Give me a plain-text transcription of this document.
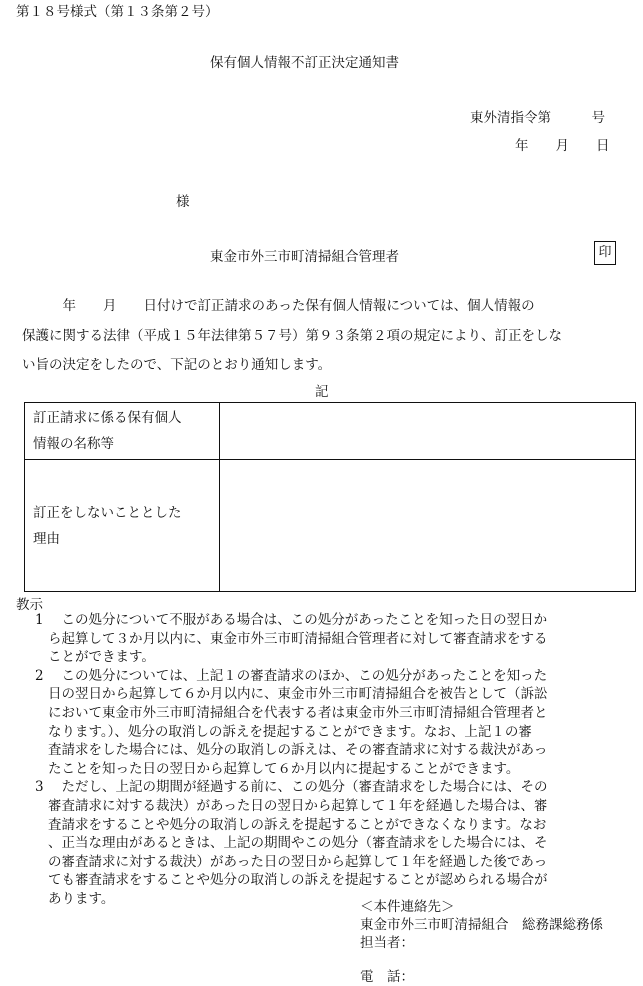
第１８号様式（第１３条第２号）
保有個人情報不訂正決定通知書
東外清指令第　　　号
年　　月　　日
様
東金市外三市町清掃組合管理者	印
　　　年　　月　　日付けで訂正請求のあった保有個人情報については、個人情報の
保護に関する法律（平成１５年法律第５７号）第９３条第２項の規定により、訂正をしな
い旨の決定をしたので、下記のとおり通知します。
記
訂正請求に係る保有個人
情報の名称等	

訂正をしないこととした
理由	

教示
1 　この処分について不服がある場合は、この処分があったことを知った日の翌日か
ら起算して３か月以内に、東金市外三市町清掃組合管理者に対して審査請求をする
ことができます。
2 　この処分については、上記１の審査請求のほか、この処分があったことを知った
日の翌日から起算して６か月以内に、東金市外三市町清掃組合を被告として（訴訟
において東金市外三市町清掃組合を代表する者は東金市外三市町清掃組合管理者と
なります。）、処分の取消しの訴えを提起することができます。なお、上記１の審
査請求をした場合には、処分の取消しの訴えは、その審査請求に対する裁決があっ
たことを知った日の翌日から起算して６か月以内に提起することができます。
3 　ただし、上記の期間が経過する前に、この処分（審査請求をした場合には、その
審査請求に対する裁決）があった日の翌日から起算して１年を経過した場合は、審
査請求をすることや処分の取消しの訴えを提起することができなくなります。なお
、正当な理由があるときは、上記の期間やこの処分（審査請求をした場合には、そ
の審査請求に対する裁決）があった日の翌日から起算して１年を経過した後であっ
ても審査請求をすることや処分の取消しの訴えを提起することが認められる場合が
あります。
＜本件連絡先＞
東金市外三市町清掃組合　総務課総務係
担当者：
電　話：
